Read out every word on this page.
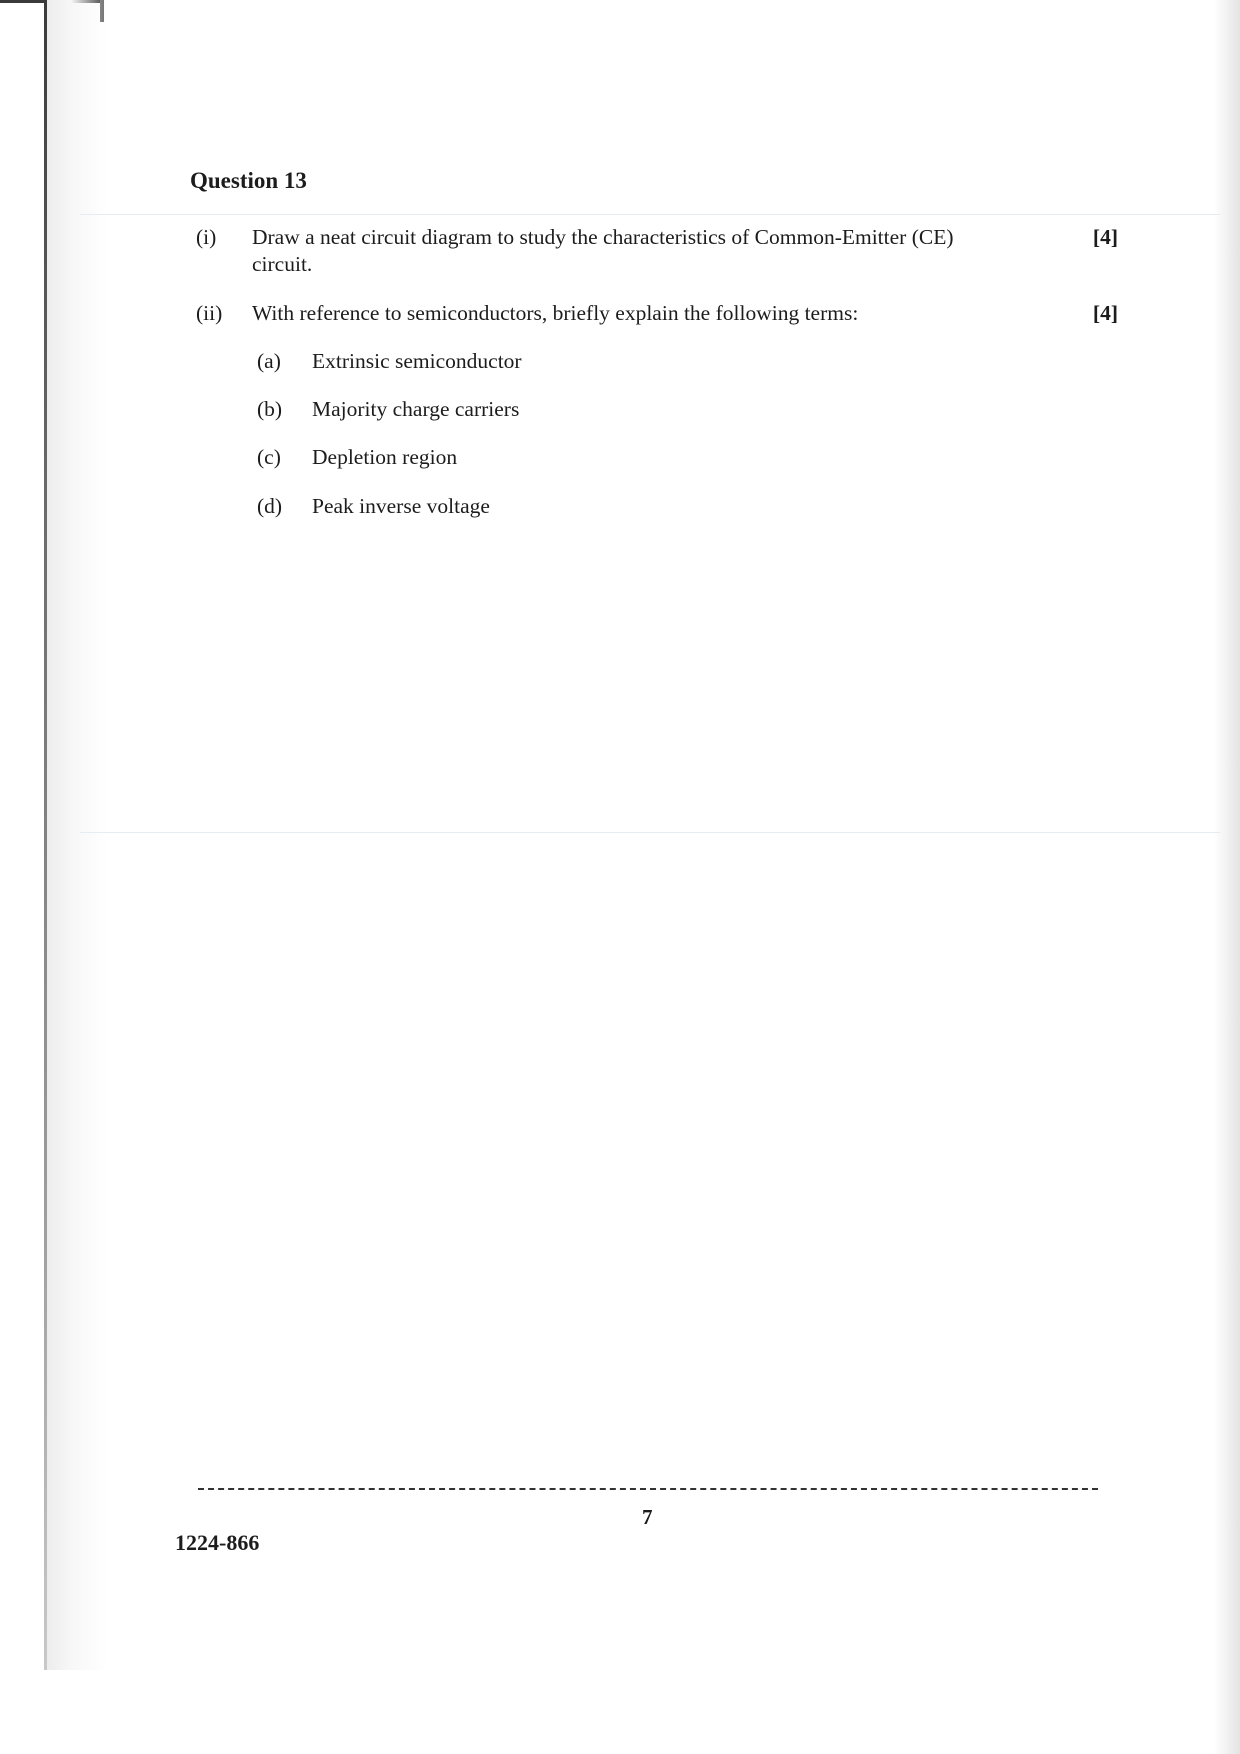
Question 13
(i) Draw a neat circuit diagram to study the characteristics of Common-Emitter (CE)
circuit.
[4]
(ii) With reference to semiconductors, briefly explain the following terms:	[4]
(a) Extrinsic semiconductor
(b) Majority charge carriers
(c) Depletion region
(d) Peak inverse voltage
7
1224-866
